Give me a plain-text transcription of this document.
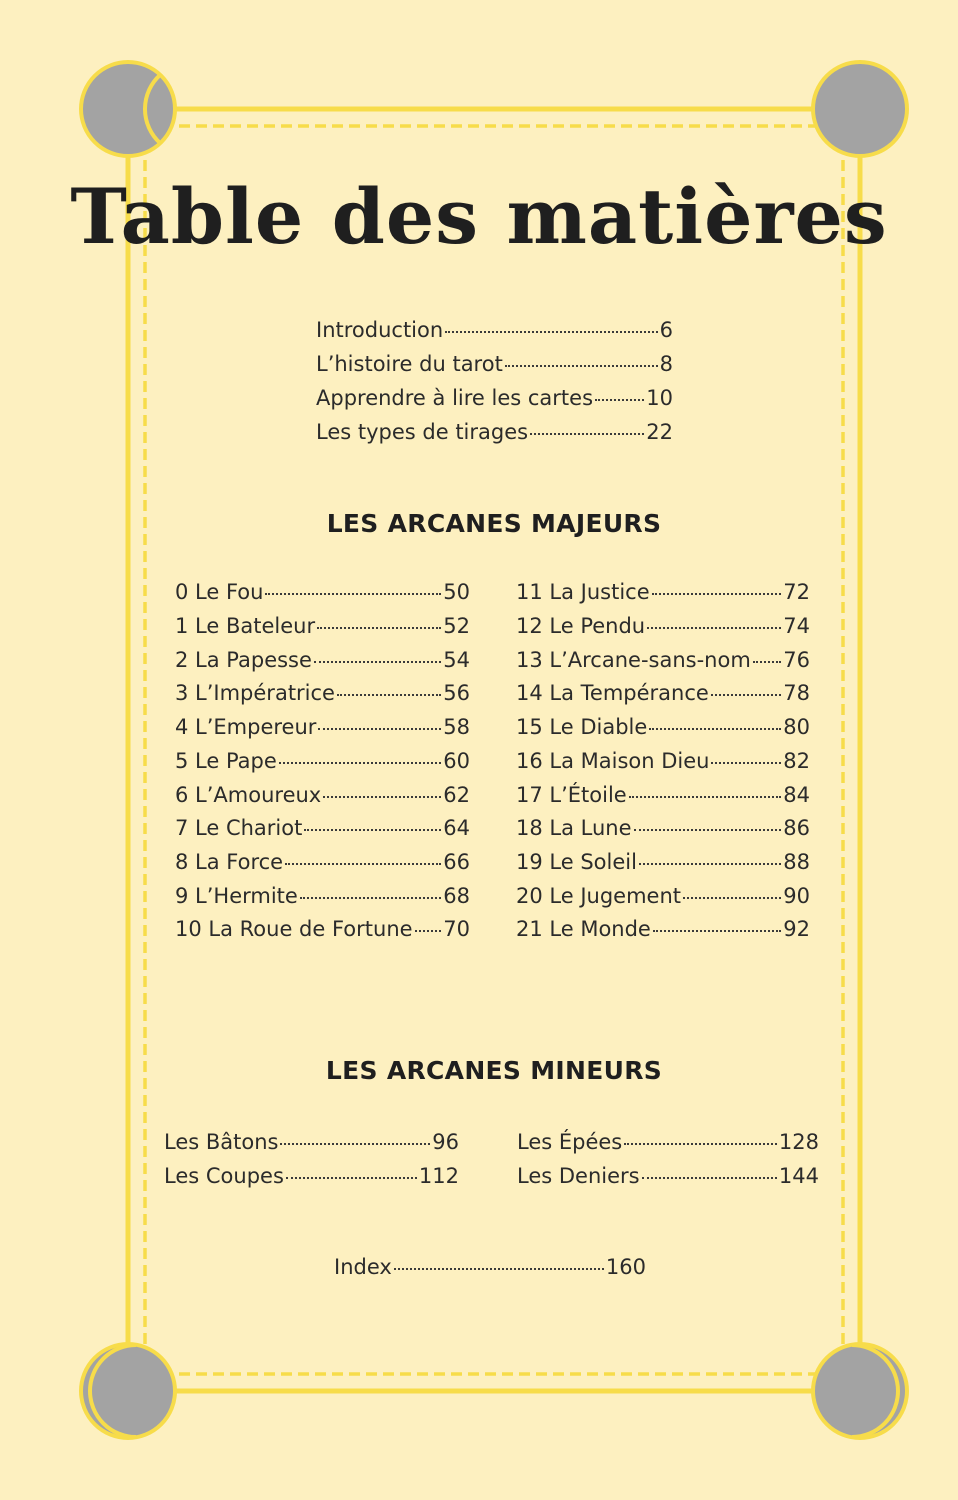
Table des matières
Introduction	6
L’histoire du tarot	8
Apprendre à lire les cartes	10
Les types de tirages	22
LES ARCANES MAJEURS
0 Le Fou	50
1 Le Bateleur	52
2 La Papesse	54
3 L’Impératrice	56
4 L’Empereur	58
5 Le Pape	60
6 L’Amoureux	62
7 Le Chariot	64
8 La Force	66
9 L’Hermite	68
10 La Roue de Fortune 70
11 La Justice	72
12 Le Pendu	74
13 L’Arcane-sans-nom 76
14 La Tempérance	78
15 Le Diable	80
16 La Maison Dieu	82
17 L’Étoile	84
18 La Lune	86
19 Le Soleil	88
20 Le Jugement	90
21 Le Monde	92
LES ARCANES MINEURS
Les Bâtons	96
Les Coupes	112
Les Épées	128
Les Deniers	144
Index	160
